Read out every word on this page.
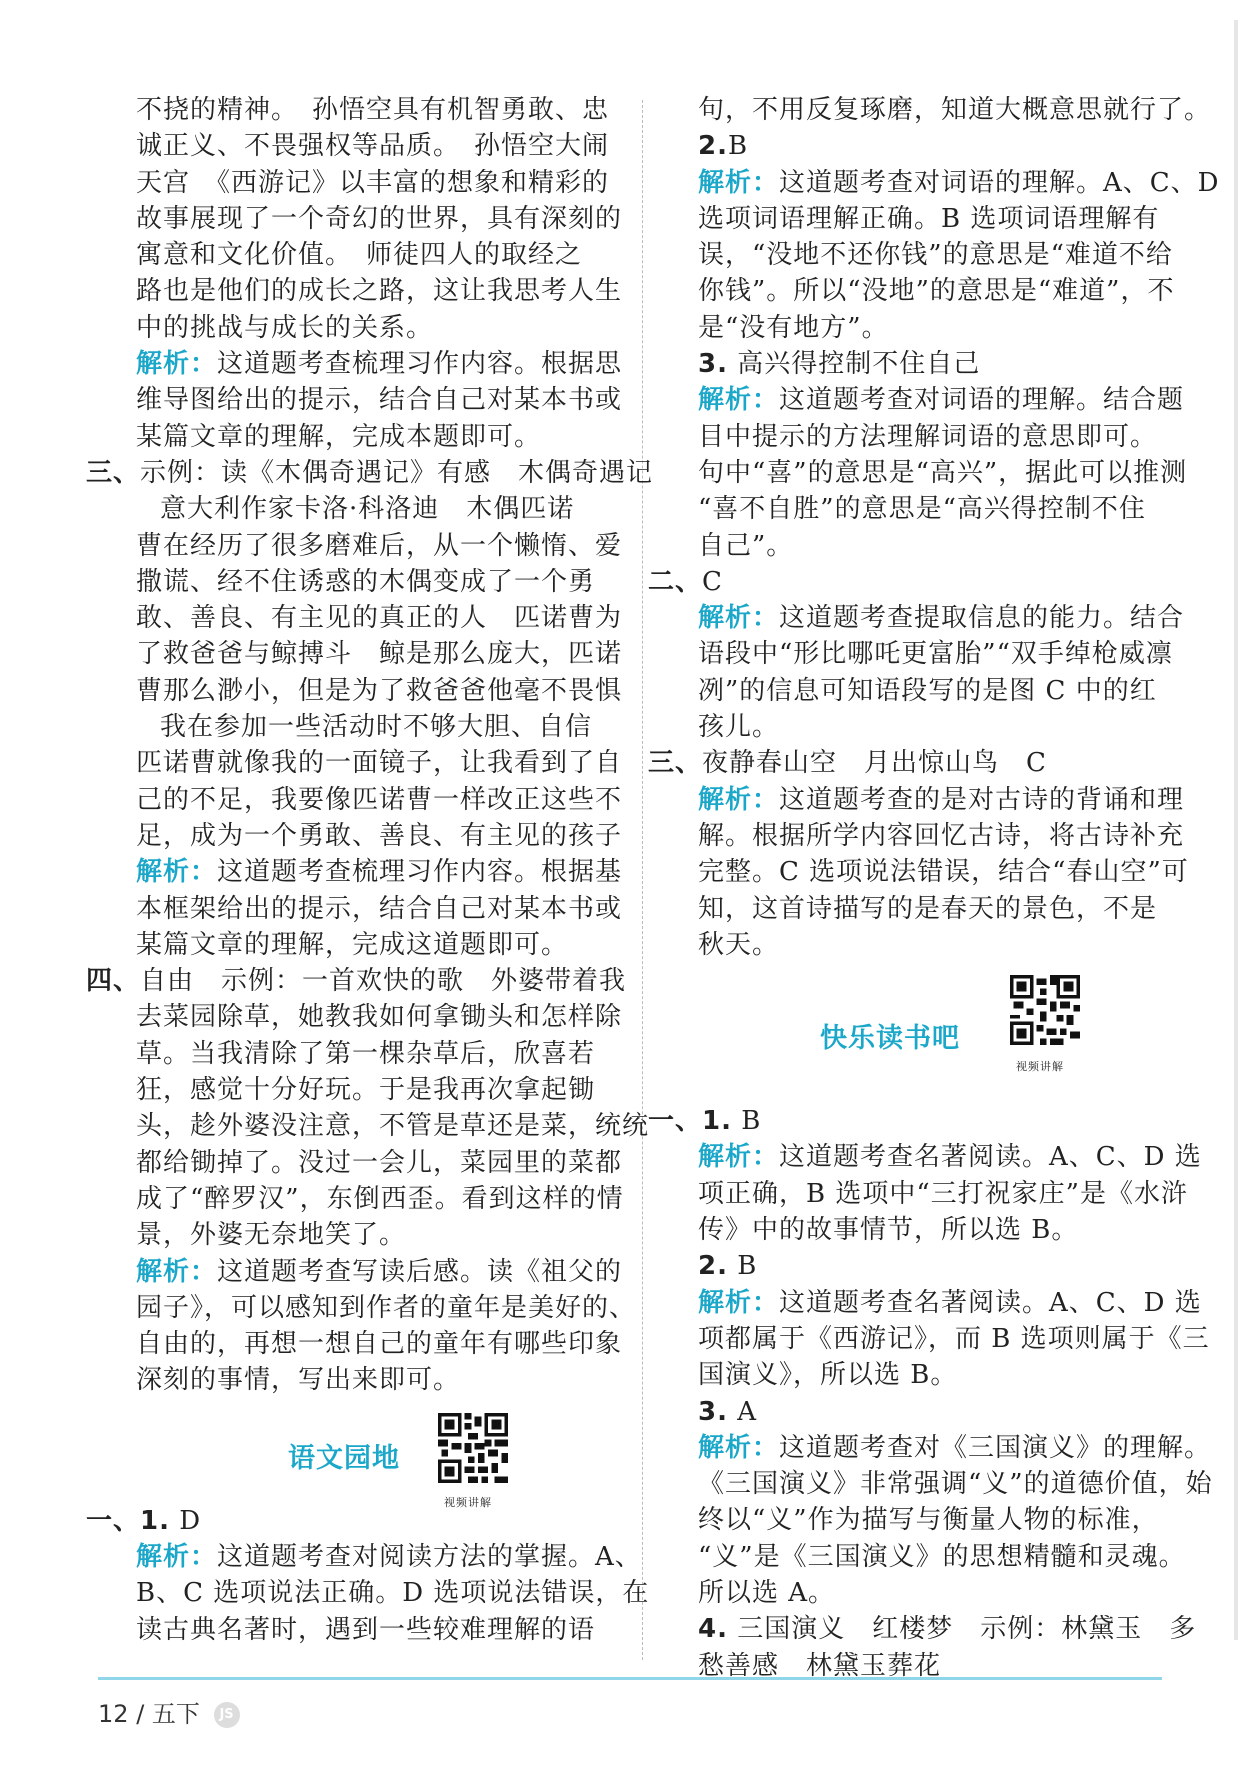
不挠的精神。　孙悟空具有机智勇敢、忠
诚正义、不畏强权等品质。　孙悟空大闹
天宫　《西游记》以丰富的想象和精彩的
故事展现了一个奇幻的世界，具有深刻的
寓意和文化价值。　师徒四人的取经之
路也是他们的成长之路，这让我思考人生
中的挑战与成长的关系。
解析：这道题考查梳理习作内容。根据思
维导图给出的提示，结合自己对某本书或
某篇文章的理解，完成本题即可。
三、示例：读《木偶奇遇记》有感　木偶奇遇记
意大利作家卡洛·科洛迪　木偶匹诺
曹在经历了很多磨难后，从一个懒惰、爱
撒谎、经不住诱惑的木偶变成了一个勇
敢、善良、有主见的真正的人　匹诺曹为
了救爸爸与鲸搏斗　鲸是那么庞大，匹诺
曹那么渺小，但是为了救爸爸他毫不畏惧
我在参加一些活动时不够大胆、自信
匹诺曹就像我的一面镜子，让我看到了自
己的不足，我要像匹诺曹一样改正这些不
足，成为一个勇敢、善良、有主见的孩子
解析：这道题考查梳理习作内容。根据基
本框架给出的提示，结合自己对某本书或
某篇文章的理解，完成这道题即可。
四、自由　示例：一首欢快的歌　外婆带着我
去菜园除草，她教我如何拿锄头和怎样除
草。当我清除了第一棵杂草后，欣喜若
狂，感觉十分好玩。于是我再次拿起锄
头，趁外婆没注意，不管是草还是菜，统统
都给锄掉了。没过一会儿，菜园里的菜都
成了“醉罗汉”，东倒西歪。看到这样的情
景，外婆无奈地笑了。
解析：这道题考查写读后感。读《祖父的
园子》，可以感知到作者的童年是美好的、
自由的，再想一想自己的童年有哪些印象
深刻的事情，写出来即可。
语文园地
视频讲解
一、1. D
解析：这道题考查对阅读方法的掌握。A、
B、C 选项说法正确。D 选项说法错误，在
读古典名著时，遇到一些较难理解的语
句，不用反复琢磨，知道大概意思就行了。
2.B
解析：这道题考查对词语的理解。A、C、D
选项词语理解正确。B 选项词语理解有
误，“没地不还你钱”的意思是“难道不给
你钱”。所以“没地”的意思是“难道”，不
是“没有地方”。
3. 高兴得控制不住自己
解析：这道题考查对词语的理解。结合题
目中提示的方法理解词语的意思即可。
句中“喜”的意思是“高兴”，据此可以推测
“喜不自胜”的意思是“高兴得控制不住
自己”。
二、C
解析：这道题考查提取信息的能力。结合
语段中“形比哪吒更富胎”“双手绰枪威凛
冽”的信息可知语段写的是图 C 中的红
孩儿。
三、夜静春山空　月出惊山鸟　C
解析：这道题考查的是对古诗的背诵和理
解。根据所学内容回忆古诗，将古诗补充
完整。C 选项说法错误，结合“春山空”可
知，这首诗描写的是春天的景色，不是
秋天。
快乐读书吧
视频讲解
一、1. B
解析：这道题考查名著阅读。A、C、D 选
项正确，B 选项中“三打祝家庄”是《水浒
传》中的故事情节，所以选 B。
2. B
解析：这道题考查名著阅读。A、C、D 选
项都属于《西游记》，而 B 选项则属于《三
国演义》，所以选 B。
3. A
解析：这道题考查对《三国演义》的理解。
《三国演义》非常强调“义”的道德价值，始
终以“义”作为描写与衡量人物的标准，
“义”是《三国演义》的思想精髓和灵魂。
所以选 A。
4. 三国演义　红楼梦　示例：林黛玉　多
愁善感　林黛玉葬花
12 / 五下 JS
